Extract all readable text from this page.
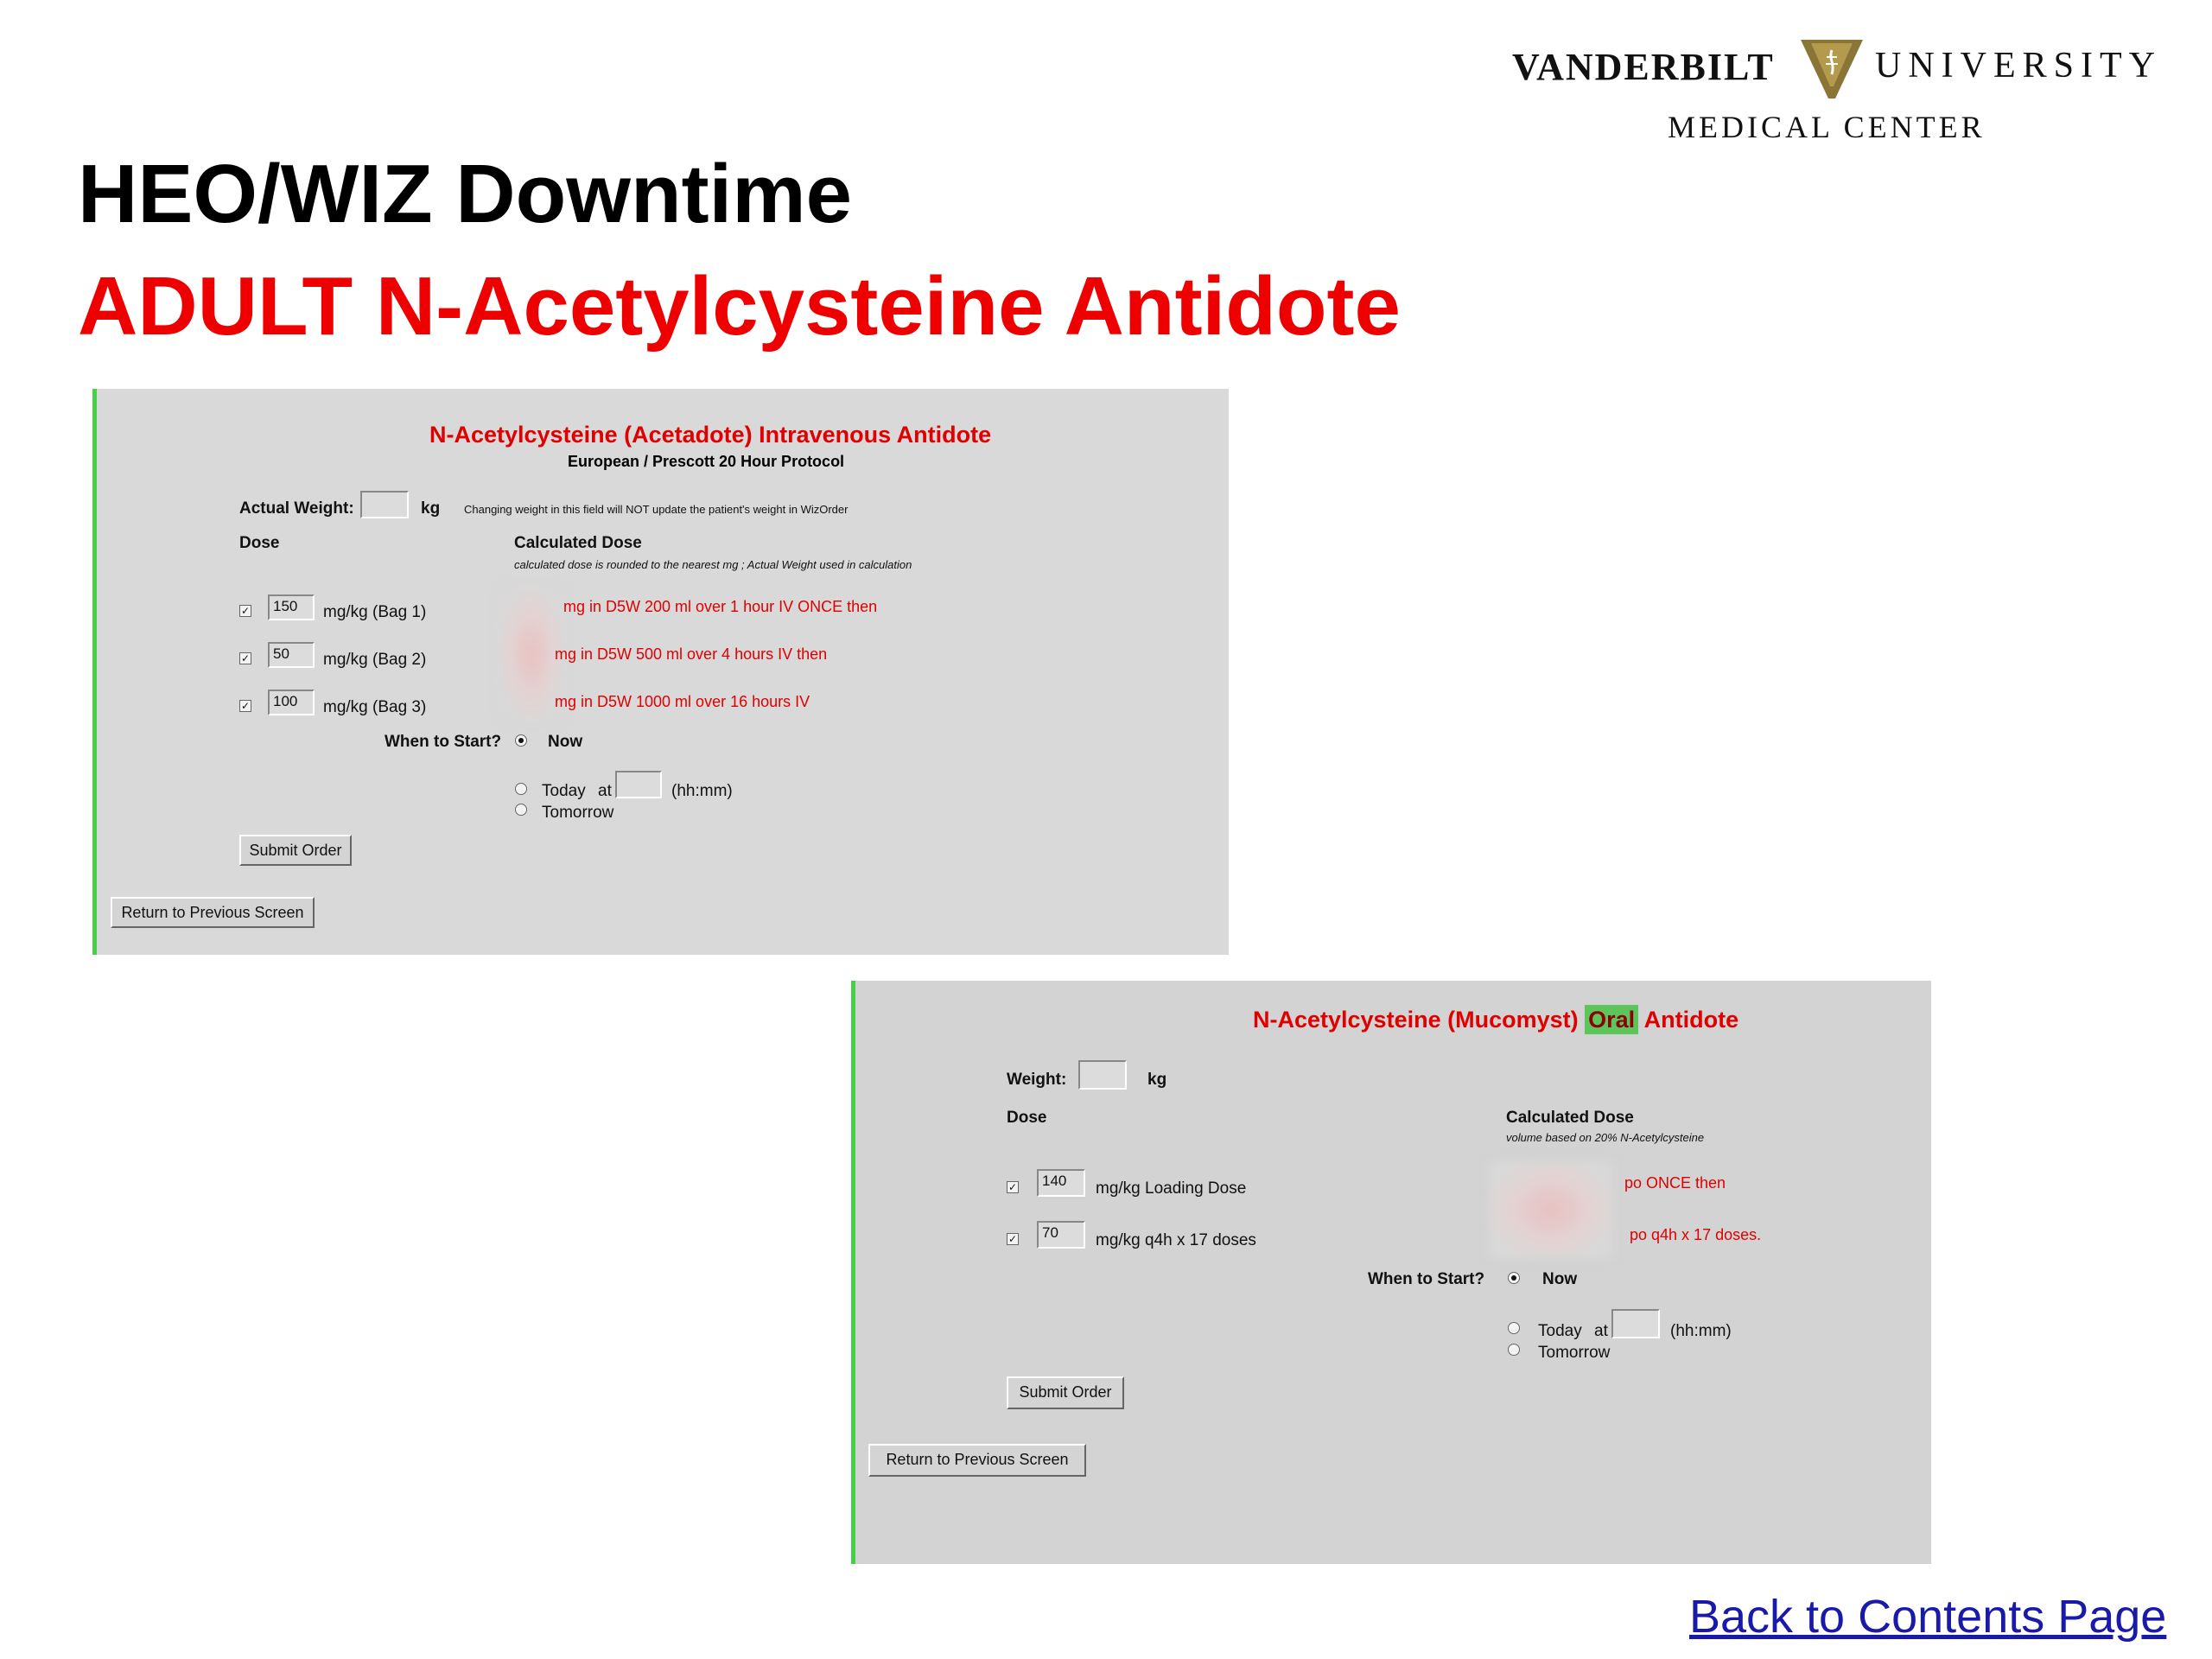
VANDERBILT	UNIVERSITY
MEDICAL CENTER
HEO/WIZ Downtime
ADULT N-Acetylcysteine Antidote
N-Acetylcysteine (Acetadote) Intravenous Antidote
European / Prescott 20 Hour Protocol
Actual Weight:	kg Changing weight in this field will NOT update the patient's weight in WizOrder
Dose	Calculated Dose
calculated dose is rounded to the nearest mg ; Actual Weight used in calculation
✓	150	mg/kg (Bag 1)	mg in D5W 200 ml over 1 hour IV ONCE then
✓	50	mg/kg (Bag 2)	mg in D5W 500 ml over 4 hours IV then
✓	100	mg/kg (Bag 3)	mg in D5W 1000 ml over 16 hours IV
When to Start?	Now
Today at	(hh:mm)
Tomorrow
Submit Order
Return to Previous Screen
N-Acetylcysteine (Mucomyst) Oral Antidote
Weight:	kg
Dose	Calculated Dose
volume based on 20% N-Acetylcysteine
✓	140	mg/kg Loading Dose	po ONCE then
✓	70	mg/kg q4h x 17 doses	po q4h x 17 doses.
When to Start?	Now
Today at	(hh:mm)
Tomorrow
Submit Order
Return to Previous Screen
Back to Contents Page
